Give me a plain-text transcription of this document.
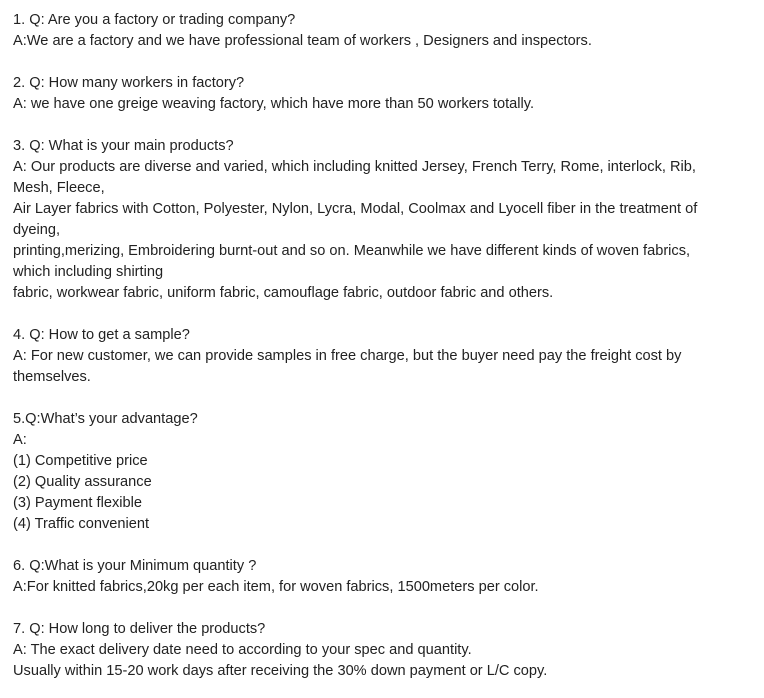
1. Q: Are you a factory or trading company?
A:We are a factory and we have professional team of workers , Designers and inspectors.
2. Q: How many workers in factory?
A: we have one greige weaving factory, which have more than 50 workers totally.
3. Q: What is your main products?
A: Our products are diverse and varied, which including knitted Jersey, French Terry, Rome, interlock, Rib,
Mesh, Fleece,
Air Layer fabrics with Cotton, Polyester, Nylon, Lycra, Modal, Coolmax and Lyocell fiber in the treatment of
dyeing,
printing,merizing, Embroidering burnt-out and so on. Meanwhile we have different kinds of woven fabrics,
which including shirting
fabric, workwear fabric, uniform fabric, camouflage fabric, outdoor fabric and others.
4. Q: How to get a sample?
A: For new customer, we can provide samples in free charge, but the buyer need pay the freight cost by
themselves.
5.Q:What’s your advantage?
A:
(1) Competitive price
(2) Quality assurance
(3) Payment flexible
(4) Traffic convenient
6. Q:What is your Minimum quantity ?
A:For knitted fabrics,20kg per each item, for woven fabrics, 1500meters per color.
7. Q: How long to deliver the products?
A: The exact delivery date need to according to your spec and quantity.
Usually within 15-20 work days after receiving the 30% down payment or L/C copy.
